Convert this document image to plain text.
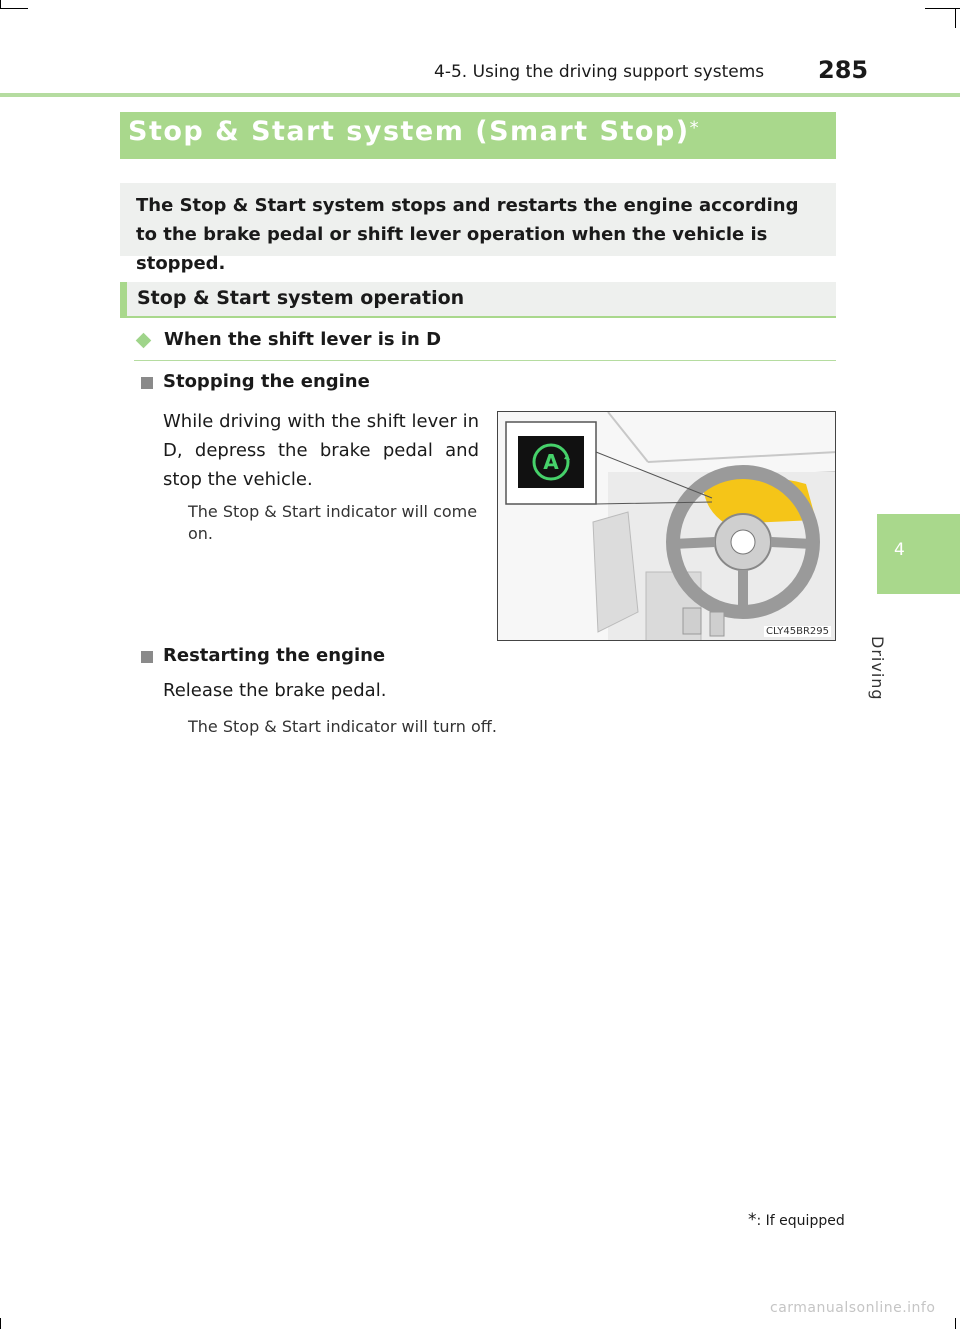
4-5. Using the driving support systems 285
Stop & Start system (Smart Stop)*
The Stop & Start system stops and restarts the engine according to the brake pedal or shift lever operation when the vehicle is stopped.
Stop & Start system operation
When the shift lever is in D
Stopping the engine
While driving with the shift lever in D, depress the brake pedal and stop the vehicle.
The Stop & Start indicator will come on.
A
CLY45BR295
Restarting the engine
Release the brake pedal.
The Stop & Start indicator will turn off.
4
Driving
*: If equipped
carmanualsonline.info
